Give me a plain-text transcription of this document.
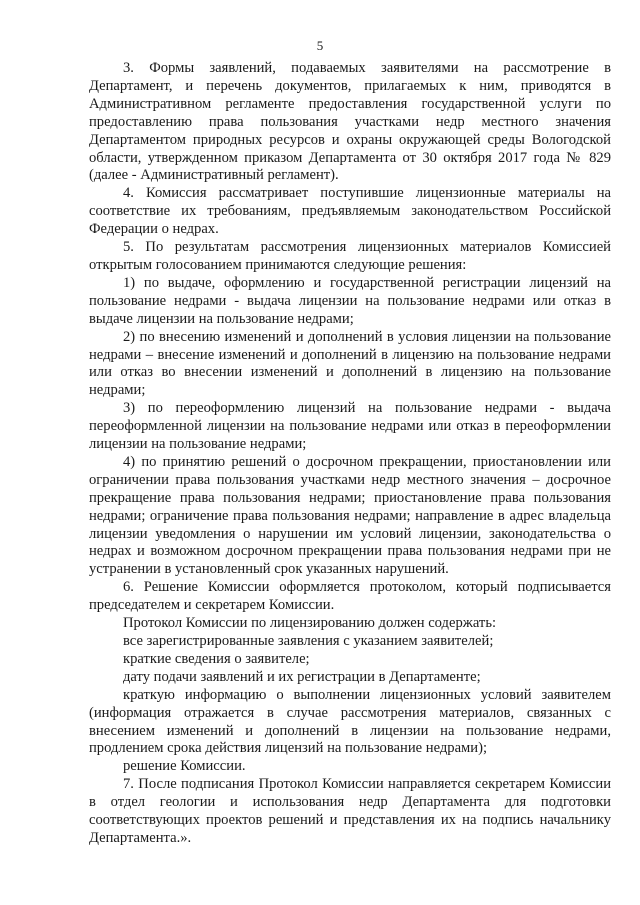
5

3. Формы заявлений, подаваемых заявителями на рассмотрение в Департамент, и перечень документов, прилагаемых к ним, приводятся в Административном регламенте предоставления государственной услуги по предоставлению права пользования участками недр местного значения Департаментом природных ресурсов и охраны окружающей среды Вологодской области, утвержденном приказом Департамента от 30 октября 2017 года № 829 (далее - Административный регламент).

4. Комиссия рассматривает поступившие лицензионные материалы на соответствие их требованиям, предъявляемым законодательством Российской Федерации о недрах.

5. По результатам рассмотрения лицензионных материалов Комиссией открытым голосованием принимаются следующие решения:

1) по выдаче, оформлению и государственной регистрации лицензий на пользование недрами - выдача лицензии на пользование недрами или отказ в выдаче лицензии на пользование недрами;

2) по внесению изменений и дополнений в условия лицензии на пользование недрами – внесение изменений и дополнений в лицензию на пользование недрами или отказ во внесении изменений и дополнений в лицензию на пользование недрами;

3) по переоформлению лицензий на пользование недрами - выдача переоформленной лицензии на пользование недрами или отказ в переоформлении лицензии на пользование недрами;

4) по принятию решений о досрочном прекращении, приостановлении или ограничении права пользования участками недр местного значения – досрочное прекращение права пользования недрами; приостановление права пользования недрами; ограничение права пользования недрами; направление в адрес владельца лицензии уведомления о нарушении им условий лицензии, законодательства о недрах и возможном досрочном прекращении права пользования недрами при не устранении в установленный срок указанных нарушений.

6. Решение Комиссии оформляется протоколом, который подписывается председателем и секретарем Комиссии.

Протокол Комиссии по лицензированию должен содержать:

все зарегистрированные заявления с указанием заявителей;

краткие сведения о заявителе;

дату подачи заявлений и их регистрации в Департаменте;

краткую информацию о выполнении лицензионных условий заявителем (информация отражается в случае рассмотрения материалов, связанных с внесением изменений и дополнений в лицензии на пользование недрами, продлением срока действия лицензий на пользование недрами);

решение Комиссии.

7. После подписания Протокол Комиссии направляется секретарем Комиссии в отдел геологии и использования недр Департамента для подготовки соответствующих проектов решений и представления их на подпись начальнику Департамента.».
